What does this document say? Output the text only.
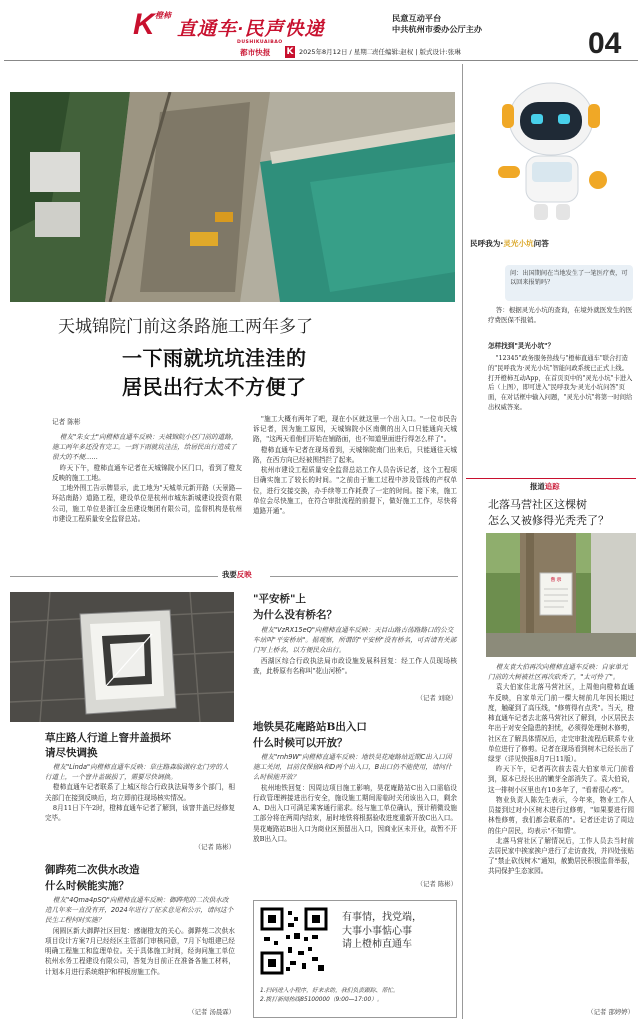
K 橙柿
直通车·民声快递
民意互动平台
中共杭州市委办公厅主办
DUSHIKUAIBAO
都市快报 K 2025年8月12日 / 星期二
责任编辑:赵权 | 版式设计:张琳	04
天城锦院门前这条路施工两年多了
一下雨就坑坑洼洼的
居民出行太不方便了
记者 陈彬

橙友"朱女士"向橙柿直通车反映：天城锦院小区门前的道路，施工两年多还没有完工。一到下雨就坑洼洼，给居民出行造成了很大的不便……

昨天下午，橙柿直通车记者在天城锦院小区门口，看到了橙友反映的施工工地。

工地外围工告示牌显示，此工地为"天城单元新开路（天景路—环站南路）道路工程，建设单位是杭州市城东新城建设投资有限公司，施工单位是浙江金岳建设集团有限公司，监督机构是杭州市建设工程质量安全监督总站。

"施工大概有两年了吧，现在小区就这里一个出入口。"一位市民告诉记者，因为施工原因，天城锦院小区南侧的出入口只能通向天城路，"这两天看他们开始在铺路面，也不知道里面进行得怎么样了"。

橙柿直通车记者在现场看到，天城锦院南门出来后，只能通往天城路，在西方向已经被围挡拦了起来。

杭州市建设工程质量安全监督总站工作人员告诉记者，这个工程项目确实施工了较长的时间。"之前由于施工过程中涉及管线的产权单位，进行交接交换，办手续等工作耗费了一定的时间。接下来，施工单位会尽快施工，在符合审批流程的前提下，做好施工工作，尽快将道路开通"。

民呼我为·灵光小坑问答
问：出国期间在当地发生了一笔医疗费，可以回来报销吗？
答：根据灵光小坑的查询，在境外就医发生的医疗费医保不报销。
怎样找到"灵光小坑"？
"12345"政务服务热线与"橙柿直通车"联合打造的"民呼我为·灵光小坑"智能问政系统已正式上线。打开橙柿互动App，在首页页中的"灵光小坑"卡进入后（上图），即可进入"民呼我为·灵光小坑问答"页面，在对话框中输入问题，"灵光小坑"将第一时间给出权威答案。
报道追踪
北落马营社区这棵树
怎么又被修得光秃秃了？
告 示

橙友袁大伯再次向橙柿直通车反映：自家单元门前的大树被社区再次砍秃了，"太可怜了"。

袁大伯家住北落马营社区，上周他向橙柿直通车反映，自家单元门前一棵大树前几年因长期过度，触碰到了高压线，"修剪得有点秃"。当天，橙柿直通车记者去北落马营社区了解到，小区居民去年出于对安全隐患的担忧，必须得处理树木修剪，社区在了解具体情况后，走完审批流程后联系专业单位进行了修剪。记者在现场看到树木已经长出了绿芽（详见快报8月7日11版）。

昨天下午，记者再次前去袁大伯家单元门前看到，原本已经长出的嫩芽全部消失了。袁大伯说，这一排树小区里也有10多年了，"看着很心疼"。

物业负责人陈先生表示，今年来，物业工作人员接到过对小区树木进行过修剪，"如果要进行园林性修剪，我们都会联系的"。记者还走访了周边的住户居民，均表示"不知情"。

北落马营社区了解情况后，工作人员去当时前去居民家中挨家挨户进行了走访查找，并四处张贴了"禁止砍伐树木"通知，赦勤居民积极监督举报，共同保护生态家园。

（记者 邵婷婷）
我要反映
草庄路人行道上窨井盖损坏
请尽快调换

橙友"Linda"向橙柿直通车反映：草庄路森临湖府北门旁的人行道上，一个窨井盖破损了，需要尽快调换。

橙柿直通车记者联系了上城区综合行政执法局等多个部门，相关部门在接到反映后，均立即前往现场核实情况。

8月11日下午2时，橙柿直通车记者了解到，该窨井盖已经修复完毕。

（记者 陈彬）
御跸苑二次供水改造
什么时候能实施？

橙友"4Qma4pSQ"向橙柿直通车反映：御跸苑的二次供水改造几年来一直没有开，2024年进行了征求意见和公示，请问这个民生工程何时实施？

闲圆区新大御跸社区回复：感谢橙友的关心。御跸苑二次供水项目设计方案7月已经经区主管部门审核同意，7月下旬组建已经明确工程施工和监理单位。关于具体施工时间，经询问施工单位杭州水务工程建设有限公司，答复为目前正在准备各施工材料，计划本月进行系统维护和样板房施工作。

（记者 汤晨霖）
"平安桥"上
为什么没有桥名？

橙友"VzRX15eQ"向橙柿直通车反映：天目山路古荡路路口的公交车站叫"平安桥站"。据观察，所谓的"平安桥"没有桥名，可否请有关部门写上桥名，以方便民众出行。

西湖区综合行政执法局市政设施发展科回复：经工作人员现场核查，此桥原有名称叫"花山河桥"。

（记者 刘晓）
地铁昊花庵路站B出入口
什么时候可以开放？

橙友"rnh9W"向橙柿直通车反映：地铁昊花庵路站近期C出入口因施工关闭，目前仅保留A和D两个出入口，B出口仍不能使用，请问什么时候能开放？

杭州地铁回复：因周边项目施工影响，昊花庵路站C出入口需临设行政管理辨接进出行安全，施设施工期间需临时关闭该出入口，剩余A、D出入口可满足乘客通行需求。经与施工单位确认，预计稍微设施工部分将在两周内结束，届时地铁将根据验收进度重新开放C出入口。昊花庵路站B出入口为商业区预留出入口，因商业区未开业，故暂不开放B出入口。

（记者 陈彬）
有事情，找党端，
大事小事惦心事
请上橙柿直通车
1.扫码进入小程序，好来求助，我们负责跟踪、帮忙。
2.拨打新闻热线85100000（9:00—17:00）。
